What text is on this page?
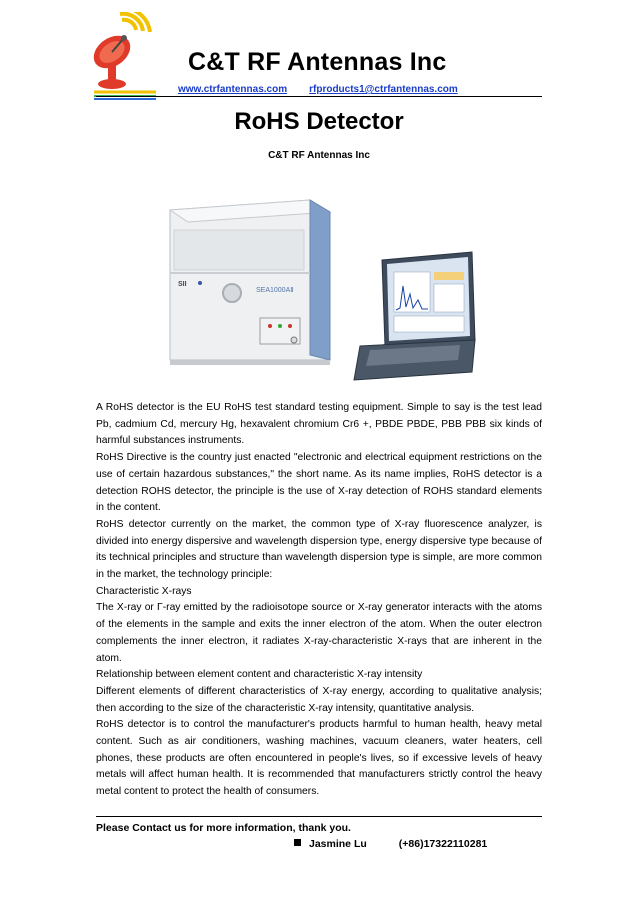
C&T RF Antennas Inc
www.ctrfantennas.com rfproducts1@ctrfantennas.com
RoHS Detector
C&T RF Antennas Inc
SII
SEA1000AⅡ

A RoHS detector is the EU RoHS test standard testing equipment. Simple to say is the test lead Pb, cadmium Cd, mercury Hg, hexavalent chromium Cr6 +, PBDE PBDE, PBB PBB six kinds of harmful substances instruments.

RoHS Directive is the country just enacted "electronic and electrical equipment restrictions on the use of certain hazardous substances," the short name. As its name implies, RoHS detector is a detection ROHS detector, the principle is the use of X-ray detection of ROHS standard elements in the content.

RoHS detector currently on the market, the common type of X-ray fluorescence analyzer, is divided into energy dispersive and wavelength dispersion type, energy dispersive type because of its technical principles and structure than wavelength dispersion type is simple, are more common in the market, the technology principle:

Characteristic X-rays

The X-ray or Γ-ray emitted by the radioisotope source or X-ray generator interacts with the atoms of the elements in the sample and exits the inner electron of the atom. When the outer electron complements the inner electron, it radiates X-ray-characteristic X-rays that are inherent in the atom.

Relationship between element content and characteristic X-ray intensity

Different elements of different characteristics of X-ray energy, according to qualitative analysis; then according to the size of the characteristic X-ray intensity, quantitative analysis.

RoHS detector is to control the manufacturer's products harmful to human health, heavy metal content. Such as air conditioners, washing machines, vacuum cleaners, water heaters, cell phones, these products are often encountered in people's lives, so if excessive levels of heavy metals will affect human health. It is recommended that manufacturers strictly control the heavy metal content to protect the health of consumers.

Please Contact us for more information, thank you.
Jasmine Lu	(+86)17322110281
